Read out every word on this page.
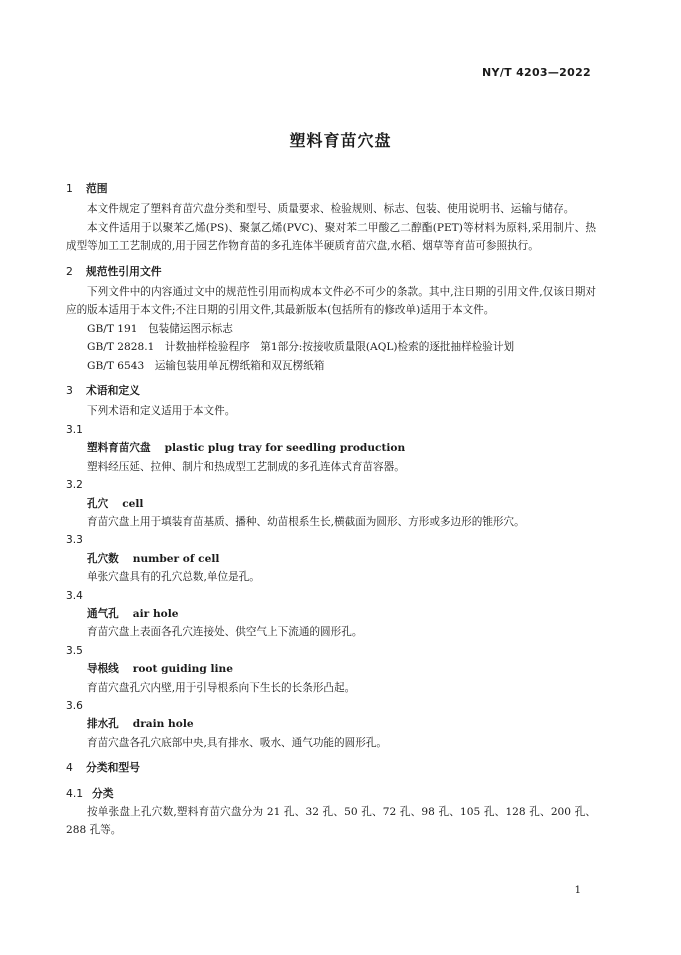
NY/T 4203—2022
塑料育苗穴盘
1 范围

本文件规定了塑料育苗穴盘分类和型号、质量要求、检验规则、标志、包装、使用说明书、运输与储存。

本文件适用于以聚苯乙烯(PS)、聚氯乙烯(PVC)、聚对苯二甲酸乙二醇酯(PET)等材料为原料,采用制片、热成型等加工工艺制成的,用于园艺作物育苗的多孔连体半硬质育苗穴盘,水稻、烟草等育苗可参照执行。

2 规范性引用文件

下列文件中的内容通过文中的规范性引用而构成本文件必不可少的条款。其中,注日期的引用文件,仅该日期对应的版本适用于本文件;不注日期的引用文件,其最新版本(包括所有的修改单)适用于本文件。

GB/T 191　 包装储运图示标志

GB/T 2828.1　 计数抽样检验程序　第1部分:按接收质量限(AQL)检索的逐批抽样检验计划

GB/T 6543　 运输包装用单瓦楞纸箱和双瓦楞纸箱

3 术语和定义

下列术语和定义适用于本文件。

3.1
塑料育苗穴盘 plastic plug tray for seedling production
塑料经压延、拉伸、制片和热成型工艺制成的多孔连体式育苗容器。
3.2
孔穴 cell
育苗穴盘上用于填装育苗基质、播种、幼苗根系生长,横截面为圆形、方形或多边形的锥形穴。
3.3
孔穴数 number of cell
单张穴盘具有的孔穴总数,单位是孔。
3.4
通气孔 air hole
育苗穴盘上表面各孔穴连接处、供空气上下流通的圆形孔。
3.5
导根线 root guiding line
育苗穴盘孔穴内壁,用于引导根系向下生长的长条形凸起。
3.6
排水孔 drain hole
育苗穴盘各孔穴底部中央,具有排水、吸水、通气功能的圆形孔。
4 分类和型号
4.1 分类

按单张盘上孔穴数,塑料育苗穴盘分为 21 孔、32 孔、50 孔、72 孔、98 孔、105 孔、128 孔、200 孔、288 孔等。

1
